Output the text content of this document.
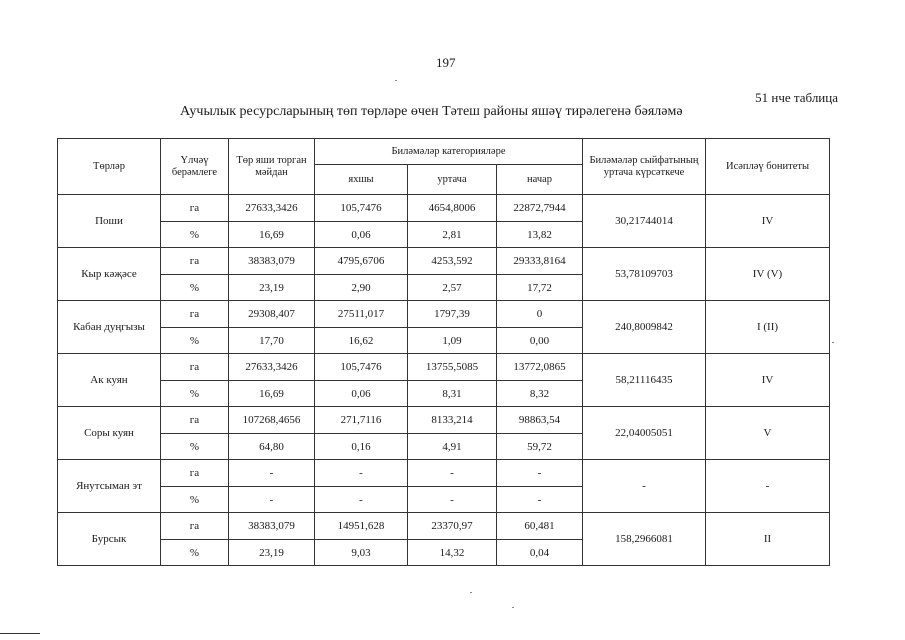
197
51 нче таблица
Аучылык ресурсларының төп төрләре өчен Тәтеш районы яшәү тирәлегенә бәяләмә
Төрләр	Үлчәү берәмлеге	Төр яши торган мәйдан	Биләмәләр категорияләре			Биләмәләр сыйфатының уртача күрсәткече	Исәпләү бонитеты
			яхшы	уртача	начар		
Поши	га	27633,3426	105,7476	4654,8006	22872,7944	30,21744014	IV
	%	16,69	0,06	2,81	13,82		
Кыр кәҗәсе	га	38383,079	4795,6706	4253,592	29333,8164	53,78109703	IV (V)
	%	23,19	2,90	2,57	17,72		
Кабан дуңгызы	га	29308,407	27511,017	1797,39	0	240,8009842	I (II)
	%	17,70	16,62	1,09	0,00		
Ак куян	га	27633,3426	105,7476	13755,5085	13772,0865	58,21116435	IV
	%	16,69	0,06	8,31	8,32		
Соры куян	га	107268,4656	271,7116	8133,214	98863,54	22,04005051	V
	%	64,80	0,16	4,91	59,72		
Янутсыман эт	га	-	-	-	-	-	-
	%	-	-	-	-		
Бурсык	га	38383,079	14951,628	23370,97	60,481	158,2966081	II
	%	23,19	9,03	14,32	0,04		
